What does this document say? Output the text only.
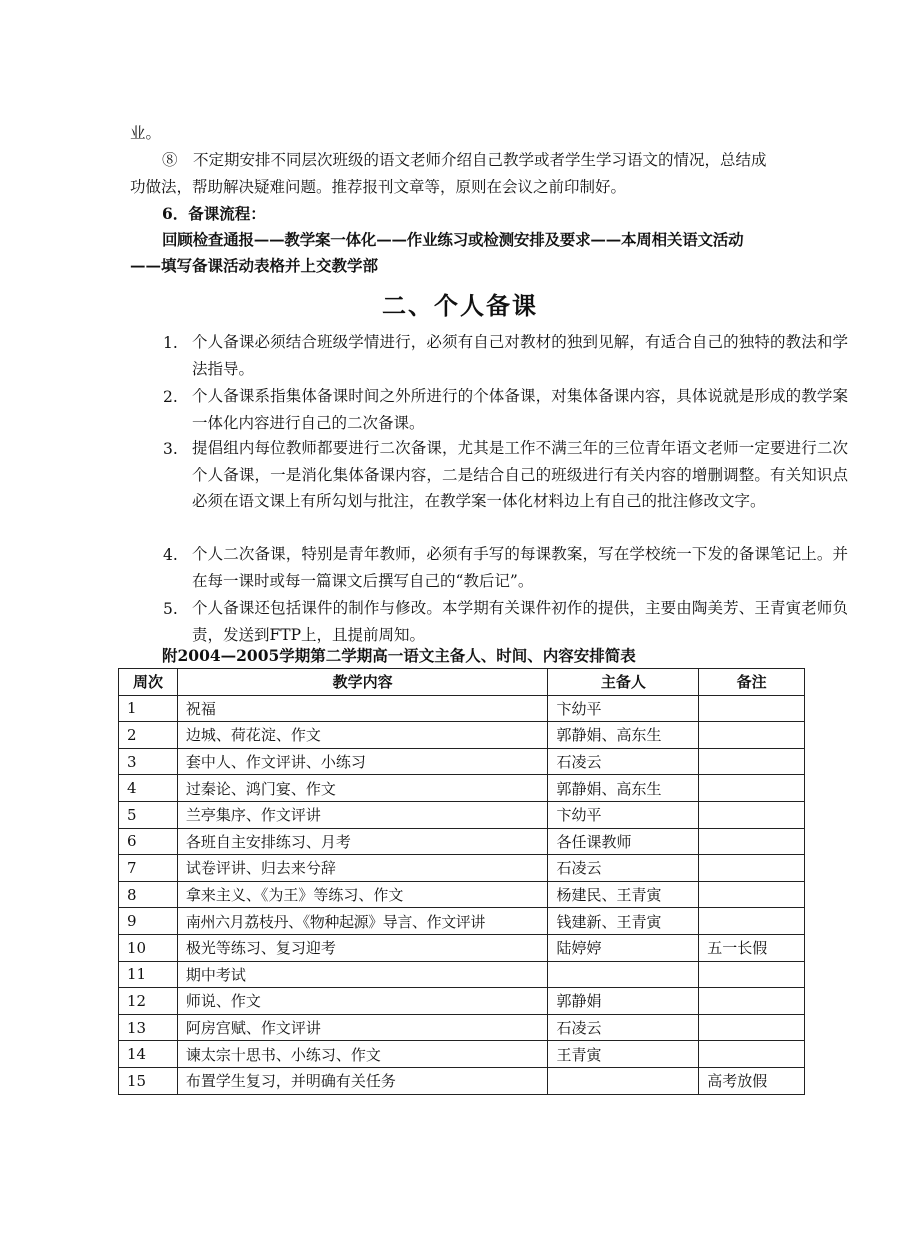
业。
⑧　不定期安排不同层次班级的语文老师介绍自己教学或者学生学习语文的情况，总结成
功做法，帮助解决疑难问题。推荐报刊文章等，原则在会议之前印制好。
6．备课流程：
回顾检查通报——教学案一体化——作业练习或检测安排及要求——本周相关语文活动
——填写备课活动表格并上交教学部
二、个人备课
1. 个人备课必须结合班级学情进行，必须有自己对教材的独到见解，有适合自己的独特的教法和学法指导。
2. 个人备课系指集体备课时间之外所进行的个体备课，对集体备课内容，具体说就是形成的教学案一体化内容进行自己的二次备课。
3. 提倡组内每位教师都要进行二次备课，尤其是工作不满三年的三位青年语文老师一定要进行二次个人备课，一是消化集体备课内容，二是结合自己的班级进行有关内容的增删调整。有关知识点必须在语文课上有所勾划与批注，在教学案一体化材料边上有自己的批注修改文字。
4. 个人二次备课，特别是青年教师，必须有手写的每课教案，写在学校统一下发的备课笔记上。并在每一课时或每一篇课文后撰写自己的“教后记”。
5. 个人备课还包括课件的制作与修改。本学期有关课件初作的提供，主要由陶美芳、王青寅老师负责，发送到FTP上，且提前周知。
附2004—2005学期第二学期高一语文主备人、时间、内容安排简表
周次	教学内容	主备人	备注
1	祝福	卞幼平	
2	边城、荷花淀、作文	郭静娟、高东生	
3	套中人、作文评讲、小练习	石凌云	
4	过秦论、鸿门宴、作文	郭静娟、高东生	
5	兰亭集序、作文评讲	卞幼平	
6	各班自主安排练习、月考	各任课教师	
7	试卷评讲、归去来兮辞	石凌云	
8	拿来主义、《为王》等练习、作文	杨建民、王青寅	
9	南州六月荔枝丹、《物种起源》导言、作文评讲	钱建新、王青寅	
10	极光等练习、复习迎考	陆婷婷	五一长假
11	期中考试		
12	师说、作文	郭静娟	
13	阿房宫赋、作文评讲	石凌云	
14	谏太宗十思书、小练习、作文	王青寅	
15	布置学生复习，并明确有关任务		高考放假
